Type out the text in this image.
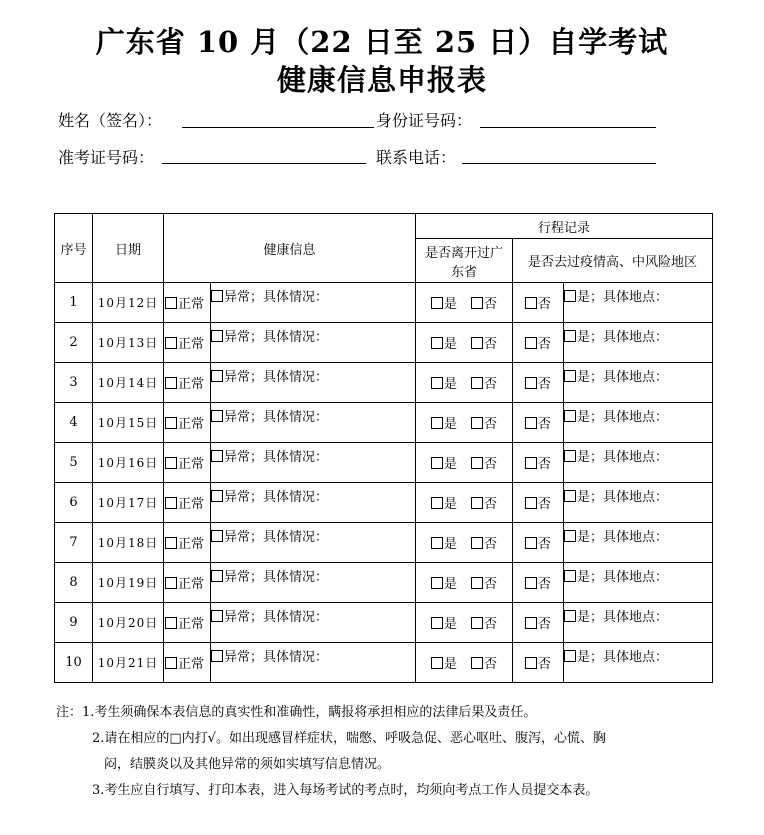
广东省 10 月（22 日至 25 日）自学考试
健康信息申报表
姓名（签名）：	身份证号码：
准考证号码：	联系电话：
序号	日期	健康信息		行程记录		
				是否离开过广东省	是否去过疫情高、中风险地区	
1	10月12日	正常	异常；具体情况：	是 否	否	是；具体地点：
2	10月13日	正常	异常；具体情况：	是 否	否	是；具体地点：
3	10月14日	正常	异常；具体情况：	是 否	否	是；具体地点：
4	10月15日	正常	异常；具体情况：	是 否	否	是；具体地点：
5	10月16日	正常	异常；具体情况：	是 否	否	是；具体地点：
6	10月17日	正常	异常；具体情况：	是 否	否	是；具体地点：
7	10月18日	正常	异常；具体情况：	是 否	否	是；具体地点：
8	10月19日	正常	异常；具体情况：	是 否	否	是；具体地点：
9	10月20日	正常	异常；具体情况：	是 否	否	是；具体地点：
10	10月21日	正常	异常；具体情况：	是 否	否	是；具体地点：
注：1.考生须确保本表信息的真实性和准确性，瞒报将承担相应的法律后果及责任。
2.请在相应的□内打√。如出现感冒样症状，喘憋、呼吸急促、恶心呕吐、腹泻，心慌、胸
闷，结膜炎以及其他异常的须如实填写信息情况。
3.考生应自行填写、打印本表，进入每场考试的考点时，均须向考点工作人员提交本表。
